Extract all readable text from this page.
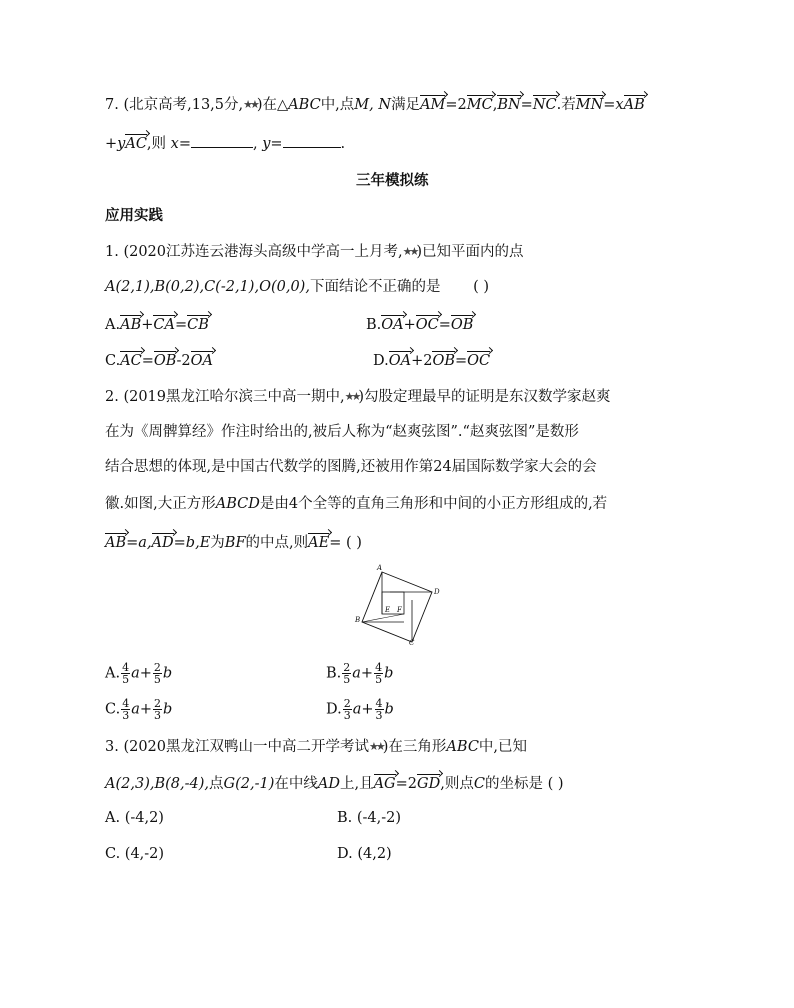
7. (北京高考,13,5分,★★)在△ABC中,点M, N满足AM=2MC,BN=NC.若MN=xAB
+yAC,则 x=	, y=	.
三年模拟练
应用实践
1. (2020江苏连云港海头高级中学高一上月考,★★)已知平面内的点
A(2,1),B(0,2),C(-2,1),O(0,0),下面结论不正确的是 ( )
A.AB+CA=CB	B.OA+OC=OB
C.AC=OB-2OA	D.OA+2OB=OC
2. (2019黑龙江哈尔滨三中高一期中,★★)勾股定理最早的证明是东汉数学家赵爽
在为《周髀算经》作注时给出的,被后人称为“赵爽弦图”.“赵爽弦图”是数形
结合思想的体现,是中国古代数学的图腾,还被用作第24届国际数学家大会的会
徽.如图,大正方形ABCD是由4个全等的直角三角形和中间的小正方形组成的,若
AB=a,AD=b,E为BF的中点,则AE= ( )
A
B
C
D
E F
A. $\frac{4}{5} a+ \frac{2}{5}$ b	B. $\frac{2}{5} a+ \frac{4}{5}$ b
C. $\frac{4}{3} a+ \frac{2}{3}$ b	D. $\frac{2}{3} a+ \frac{4}{3}$ b
3. (2020黑龙江双鸭山一中高二开学考试★★)在三角形ABC中,已知
A(2,3),B(8,-4),点G(2,-1)在中线AD上,且AG=2GD,则点C的坐标是 ( )
A. (-4,2)	B. (-4,-2)
C. (4,-2)	D. (4,2)
